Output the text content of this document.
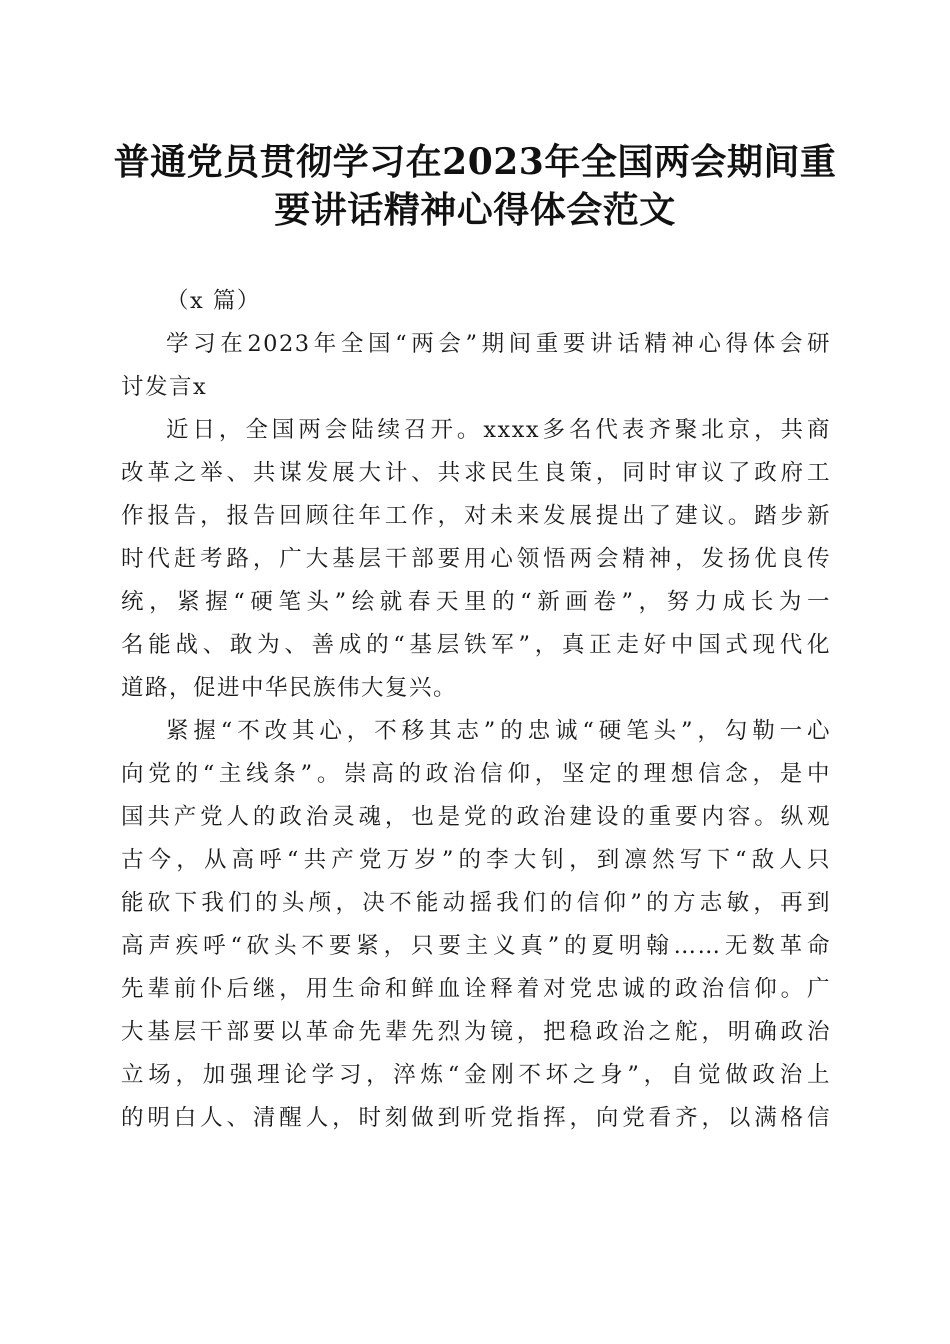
普通党员贯彻学习在2023年全国两会期间重
要讲话精神心得体会范文
（x 篇）
学习在2023年全国“两会”期间重要讲话精神心得体会研
讨发言x
近日，全国两会陆续召开。xxxx多名代表齐聚北京，共商
改革之举、共谋发展大计、共求民生良策，同时审议了政府工
作报告，报告回顾往年工作，对未来发展提出了建议。踏步新
时代赶考路，广大基层干部要用心领悟两会精神，发扬优良传
统，紧握“硬笔头”绘就春天里的“新画卷”，努力成长为一
名能战、敢为、善成的“基层铁军”，真正走好中国式现代化
道路，促进中华民族伟大复兴。
紧握“不改其心，不移其志”的忠诚“硬笔头”，勾勒一心
向党的“主线条”。崇高的政治信仰，坚定的理想信念，是中
国共产党人的政治灵魂，也是党的政治建设的重要内容。纵观
古今，从高呼“共产党万岁”的李大钊，到凛然写下“敌人只
能砍下我们的头颅，决不能动摇我们的信仰”的方志敏，再到
高声疾呼“砍头不要紧，只要主义真”的夏明翰……无数革命
先辈前仆后继，用生命和鲜血诠释着对党忠诚的政治信仰。广
大基层干部要以革命先辈先烈为镜，把稳政治之舵，明确政治
立场，加强理论学习，淬炼“金刚不坏之身”，自觉做政治上
的明白人、清醒人，时刻做到听党指挥，向党看齐，以满格信
